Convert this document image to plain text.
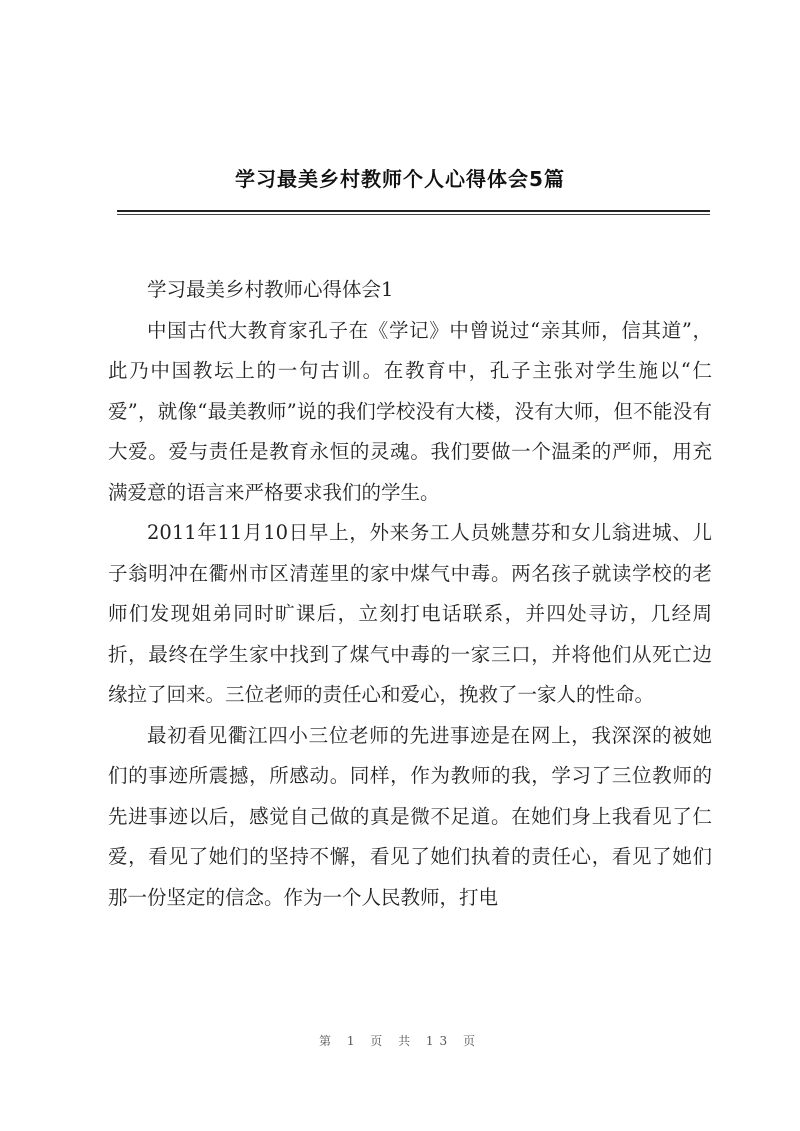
学习最美乡村教师个人心得体会5篇

学习最美乡村教师心得体会1

中国古代大教育家孔子在《学记》中曾说过“亲其师，信其道”，此乃中国教坛上的一句古训。在教育中，孔子主张对学生施以“仁爱”，就像“最美教师”说的我们学校没有大楼，没有大师，但不能没有大爱。爱与责任是教育永恒的灵魂。我们要做一个温柔的严师，用充满爱意的语言来严格要求我们的学生。

2011年11月10日早上，外来务工人员姚慧芬和女儿翁进城、儿子翁明冲在衢州市区清莲里的家中煤气中毒。两名孩子就读学校的老师们发现姐弟同时旷课后，立刻打电话联系，并四处寻访，几经周折，最终在学生家中找到了煤气中毒的一家三口，并将他们从死亡边缘拉了回来。三位老师的责任心和爱心，挽救了一家人的性命。

最初看见衢江四小三位老师的先进事迹是在网上，我深深的被她们的事迹所震撼，所感动。同样，作为教师的我，学习了三位教师的先进事迹以后，感觉自己做的真是微不足道。在她们身上我看见了仁爱，看见了她们的坚持不懈，看见了她们执着的责任心，看见了她们那一份坚定的信念。作为一个人民教师，打电

第 1 页 共 13 页
